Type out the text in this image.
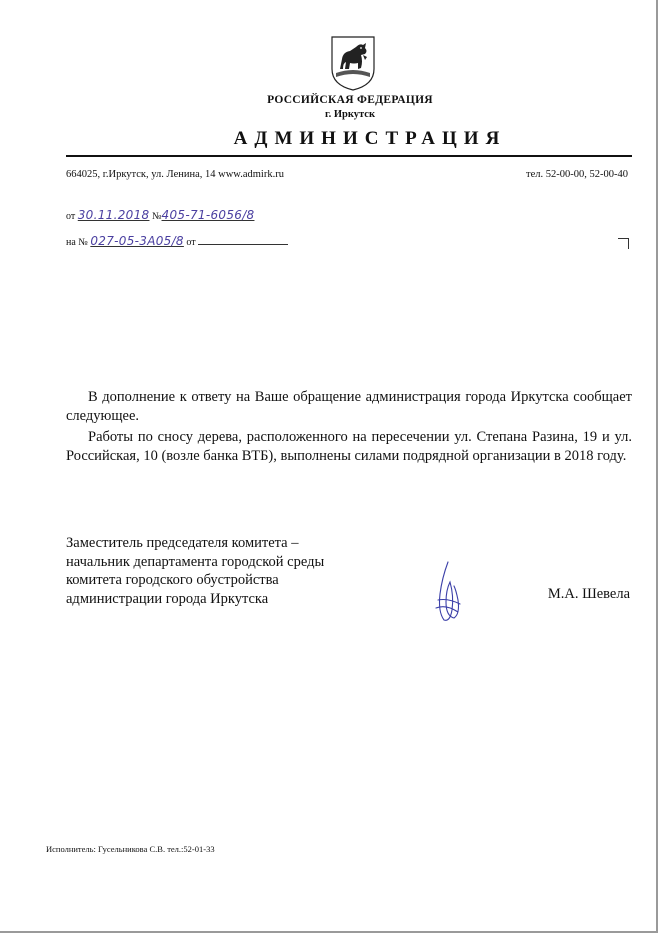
РОССИЙСКАЯ ФЕДЕРАЦИЯ
г. Иркутск
АДМИНИСТРАЦИЯ
664025, г.Иркутск, ул. Ленина, 14 www.admirk.ru	тел. 52-00-00, 52-00-40
от 30.11.2018 №405-71-6056/8
на № 027-05-3А05/8 от

В дополнение к ответу на Ваше обращение администрация города Иркутска сообщает следующее.

Работы по сносу дерева, расположенного на пересечении ул. Степана Разина, 19 и ул. Российская, 10 (возле банка ВТБ), выполнены силами подрядной организации в 2018 году.

Заместитель председателя комитета –
начальник департамента городской среды
комитета городского обустройства
администрации города Иркутска	М.А. Шевела
Исполнитель: Гусельникова С.В. тел.:52-01-33
